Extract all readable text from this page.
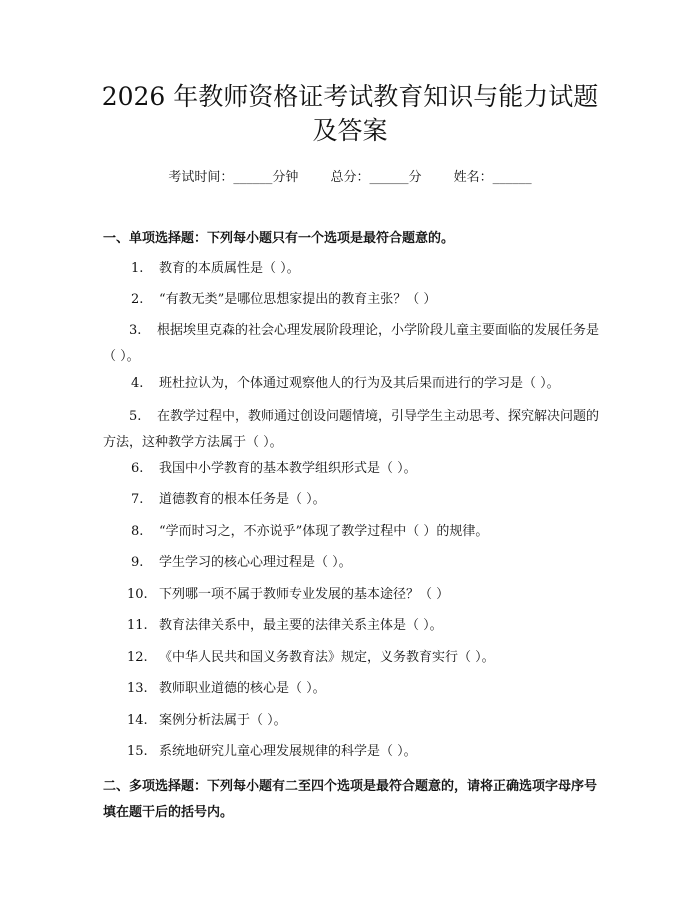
2026 年教师资格证考试教育知识与能力试题
及答案
考试时间：______分钟 总分：______分 姓名：______
一、单项选择题：下列每小题只有一个选项是最符合题意的。
1. 教育的本质属性是（ ）。
2. “有教无类”是哪位思想家提出的教育主张？（ ）
3. 根据埃里克森的社会心理发展阶段理论，小学阶段儿童主要面临的发展任务是（ ）。
4. 班杜拉认为，个体通过观察他人的行为及其后果而进行的学习是（ ）。
5. 在教学过程中，教师通过创设问题情境，引导学生主动思考、探究解决问题的方法，这种教学方法属于（ ）。
6. 我国中小学教育的基本教学组织形式是（ ）。
7. 道德教育的根本任务是（ ）。
8. “学而时习之，不亦说乎”体现了教学过程中（ ）的规律。
9. 学生学习的核心心理过程是（ ）。
10. 下列哪一项不属于教师专业发展的基本途径？（ ）
11. 教育法律关系中，最主要的法律关系主体是（ ）。
12. 《中华人民共和国义务教育法》规定，义务教育实行（ ）。
13. 教师职业道德的核心是（ ）。
14. 案例分析法属于（ ）。
15. 系统地研究儿童心理发展规律的科学是（ ）。
二、多项选择题：下列每小题有二至四个选项是最符合题意的，请将正确选项字母序号填在题干后的括号内。
